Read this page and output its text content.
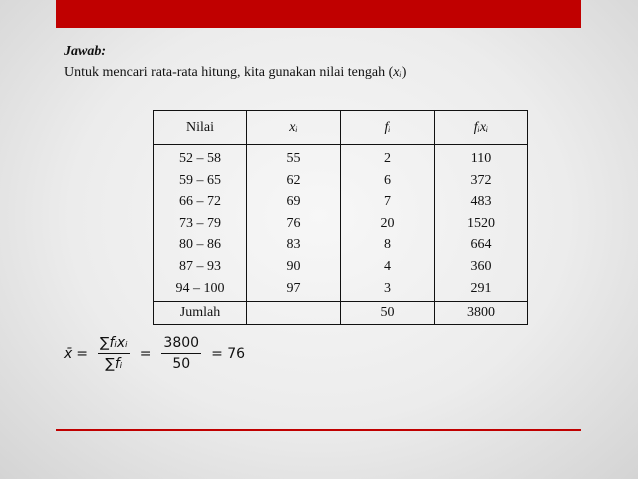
Jawab:
Untuk mencari rata-rata hitung, kita gunakan nilai tengah (xᵢ)
Nilai	xᵢ	fᵢ	fᵢxᵢ
52 – 58	55	2	110
59 – 65	62	6	372
66 – 72	69	7	483
73 – 79	76	20	1520
80 – 86	83	8	664
87 – 93	90	4	360
94 – 100	97	3	291
Jumlah		50	3800
x̄ = $\frac{\text{∑fᵢxᵢ}}{\text{∑fᵢ}} = \frac{3800}{50} = 76$
